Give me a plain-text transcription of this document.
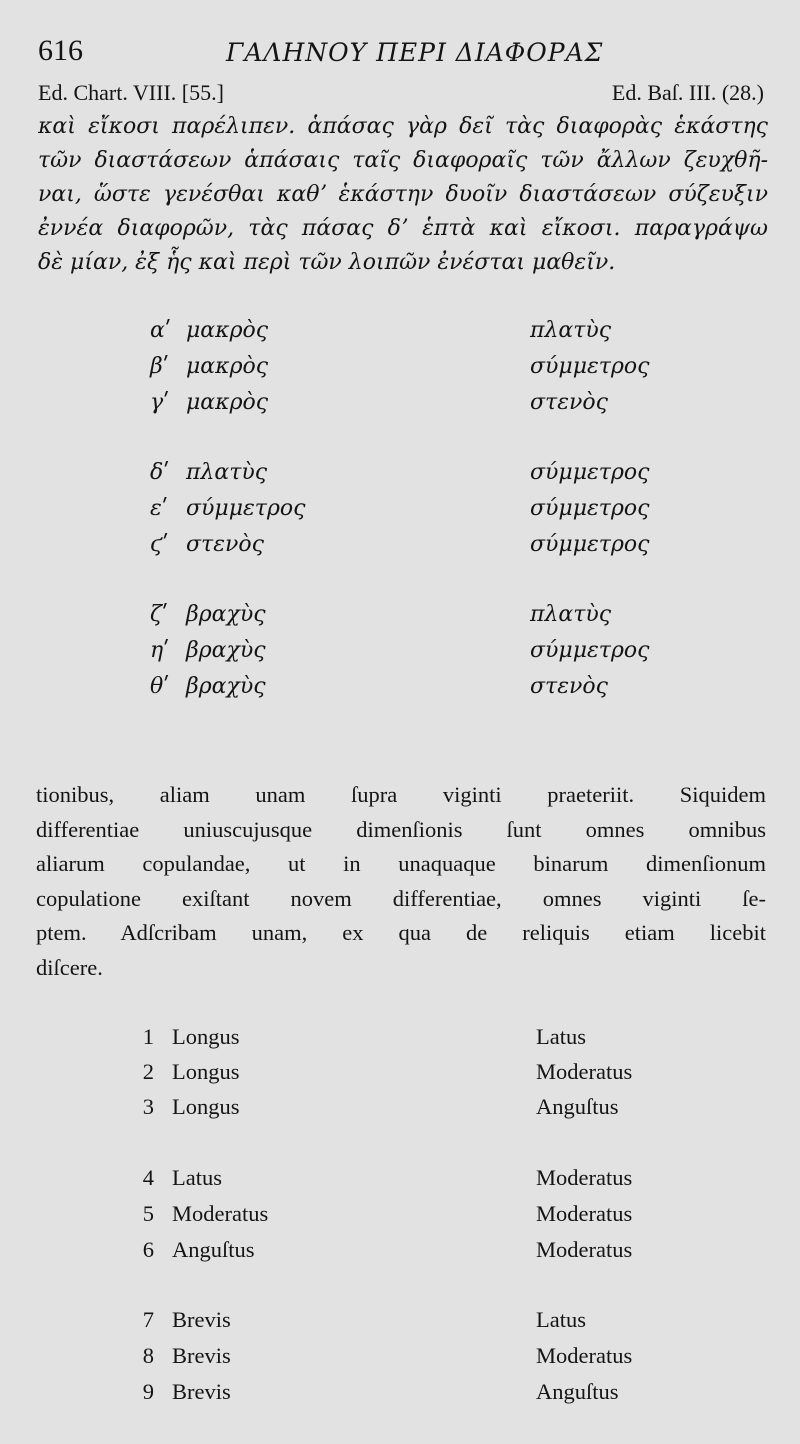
616	ΓΑΛΗΝΟΥ ΠΕΡΙ ΔΙΑΦΟΡΑΣ
Ed. Chart. VIII. [55.]	Ed. Baſ. III. (28.)
καὶ εἴκοσι παρέλιπεν. ἁπάσας γὰρ δεῖ τὰς διαφορὰς ἑκάστης
τῶν διαστάσεων ἁπάσαις ταῖς διαφοραῖς τῶν ἄλλων ζευχθῆ-
ναι, ὥστε γενέσθαι καθʼ ἑκάστην δυοῖν διαστάσεων σύζευξιν
ἐννέα διαφορῶν, τὰς πάσας δʼ ἑπτὰ καὶ εἴκοσι. παραγράψω
δὲ μίαν, ἐξ ἧς καὶ περὶ τῶν λοιπῶν ἐνέσται μαθεῖν.
αʹ μακρὸς	πλατὺς
βʹ μακρὸς	σύμμετρος
γʹ μακρὸς	στενὸς
δʹ πλατὺς	σύμμετρος
εʹ σύμμετρος	σύμμετρος
ϛʹ στενὸς	σύμμετρος
ζʹ βραχὺς	πλατὺς
ηʹ βραχὺς	σύμμετρος
θʹ βραχὺς	στενὸς
tionibus, aliam unam ſupra viginti praeteriit. Siquidem
differentiae uniuscujusque dimenſionis ſunt omnes omnibus
aliarum copulandae, ut in unaquaque binarum dimenſionum
copulatione exiſtant novem differentiae, omnes viginti ſe-
ptem. Adſcribam unam, ex qua de reliquis etiam licebit
diſcere.
1 Longus	Latus
2 Longus	Moderatus
3 Longus	Anguſtus
4 Latus	Moderatus
5 Moderatus	Moderatus
6 Anguſtus	Moderatus
7 Brevis	Latus
8 Brevis	Moderatus
9 Brevis	Anguſtus
